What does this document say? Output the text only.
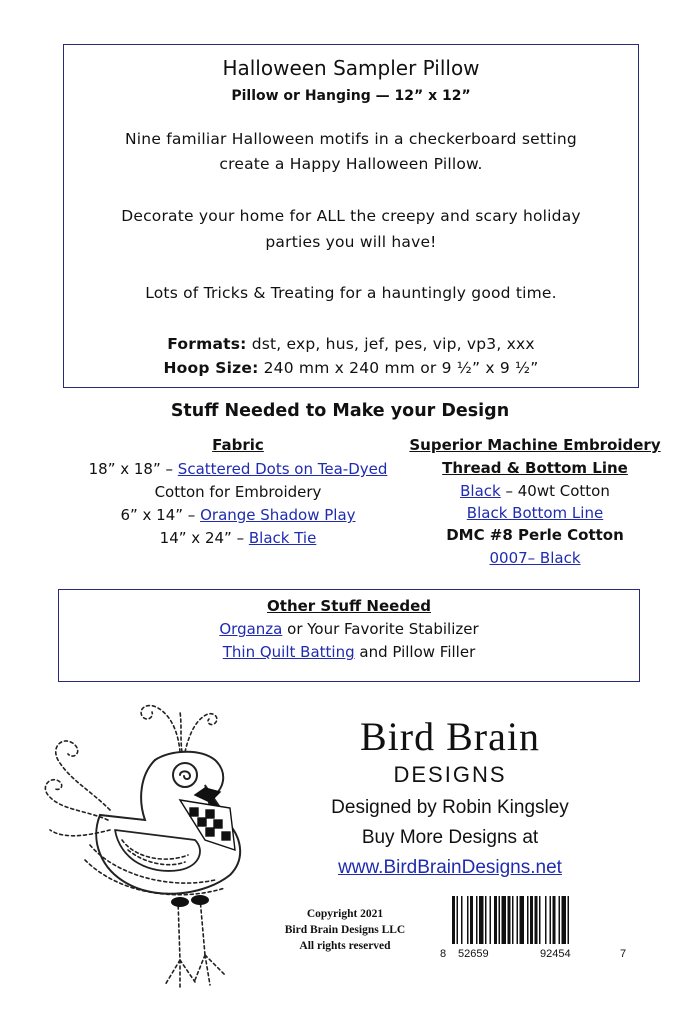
Halloween Sampler Pillow
Pillow or Hanging — 12” x 12”
Nine familiar Halloween motifs in a checkerboard setting
create a Happy Halloween Pillow.
Decorate your home for ALL the creepy and scary holiday
parties you will have!
Lots of Tricks & Treating for a hauntingly good time.
Formats: dst, exp, hus, jef, pes, vip, vp3, xxx
Hoop Size: 240 mm x 240 mm or 9 ½” x 9 ½”
Stuff Needed to Make your Design
Fabric
18” x 18” – Scattered Dots on Tea-Dyed
Cotton for Embroidery
6” x 14” – Orange Shadow Play
14” x 24” – Black Tie
Superior Machine Embroidery
Thread & Bottom Line
Black – 40wt Cotton
Black Bottom Line
DMC #8 Perle Cotton
0007– Black
Other Stuff Needed
Organza or Your Favorite Stabilizer
Thin Quilt Batting and Pillow Filler
Bird Brain
DESIGNS
Designed by Robin Kingsley
Buy More Designs at
www.BirdBrainDesigns.net
Copyright 2021
Bird Brain Designs LLC
All rights reserved
8 52659	92454	7
